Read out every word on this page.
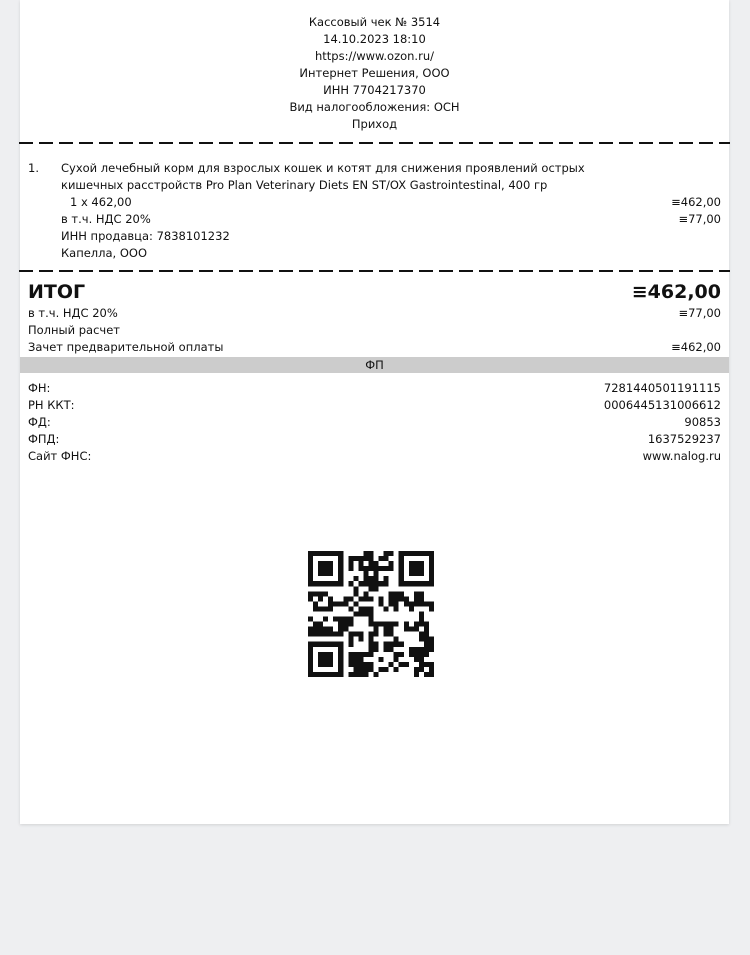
Кассовый чек № 3514
14.10.2023 18:10
https://www.ozon.ru/
Интернет Решения, ООО
ИНН 7704217370
Вид налогообложения: ОСН
Приход
1. Сухой лечебный корм для взрослых кошек и котят для снижения проявлений острых
кишечных расстройств Pro Plan Veterinary Diets EN ST/OX Gastrointestinal, 400 гр
1 x 462,00	≡462,00
в т.ч. НДС 20%	≡77,00
ИНН продавца: 7838101232
Капелла, ООО
ИТОГ	≡462,00
в т.ч. НДС 20%	≡77,00
Полный расчет
Зачет предварительной оплаты	≡462,00
ФП
ФН:	7281440501191115
РН ККТ:	0006445131006612
ФД:	90853
ФПД:	1637529237
Сайт ФНС:	www.nalog.ru
